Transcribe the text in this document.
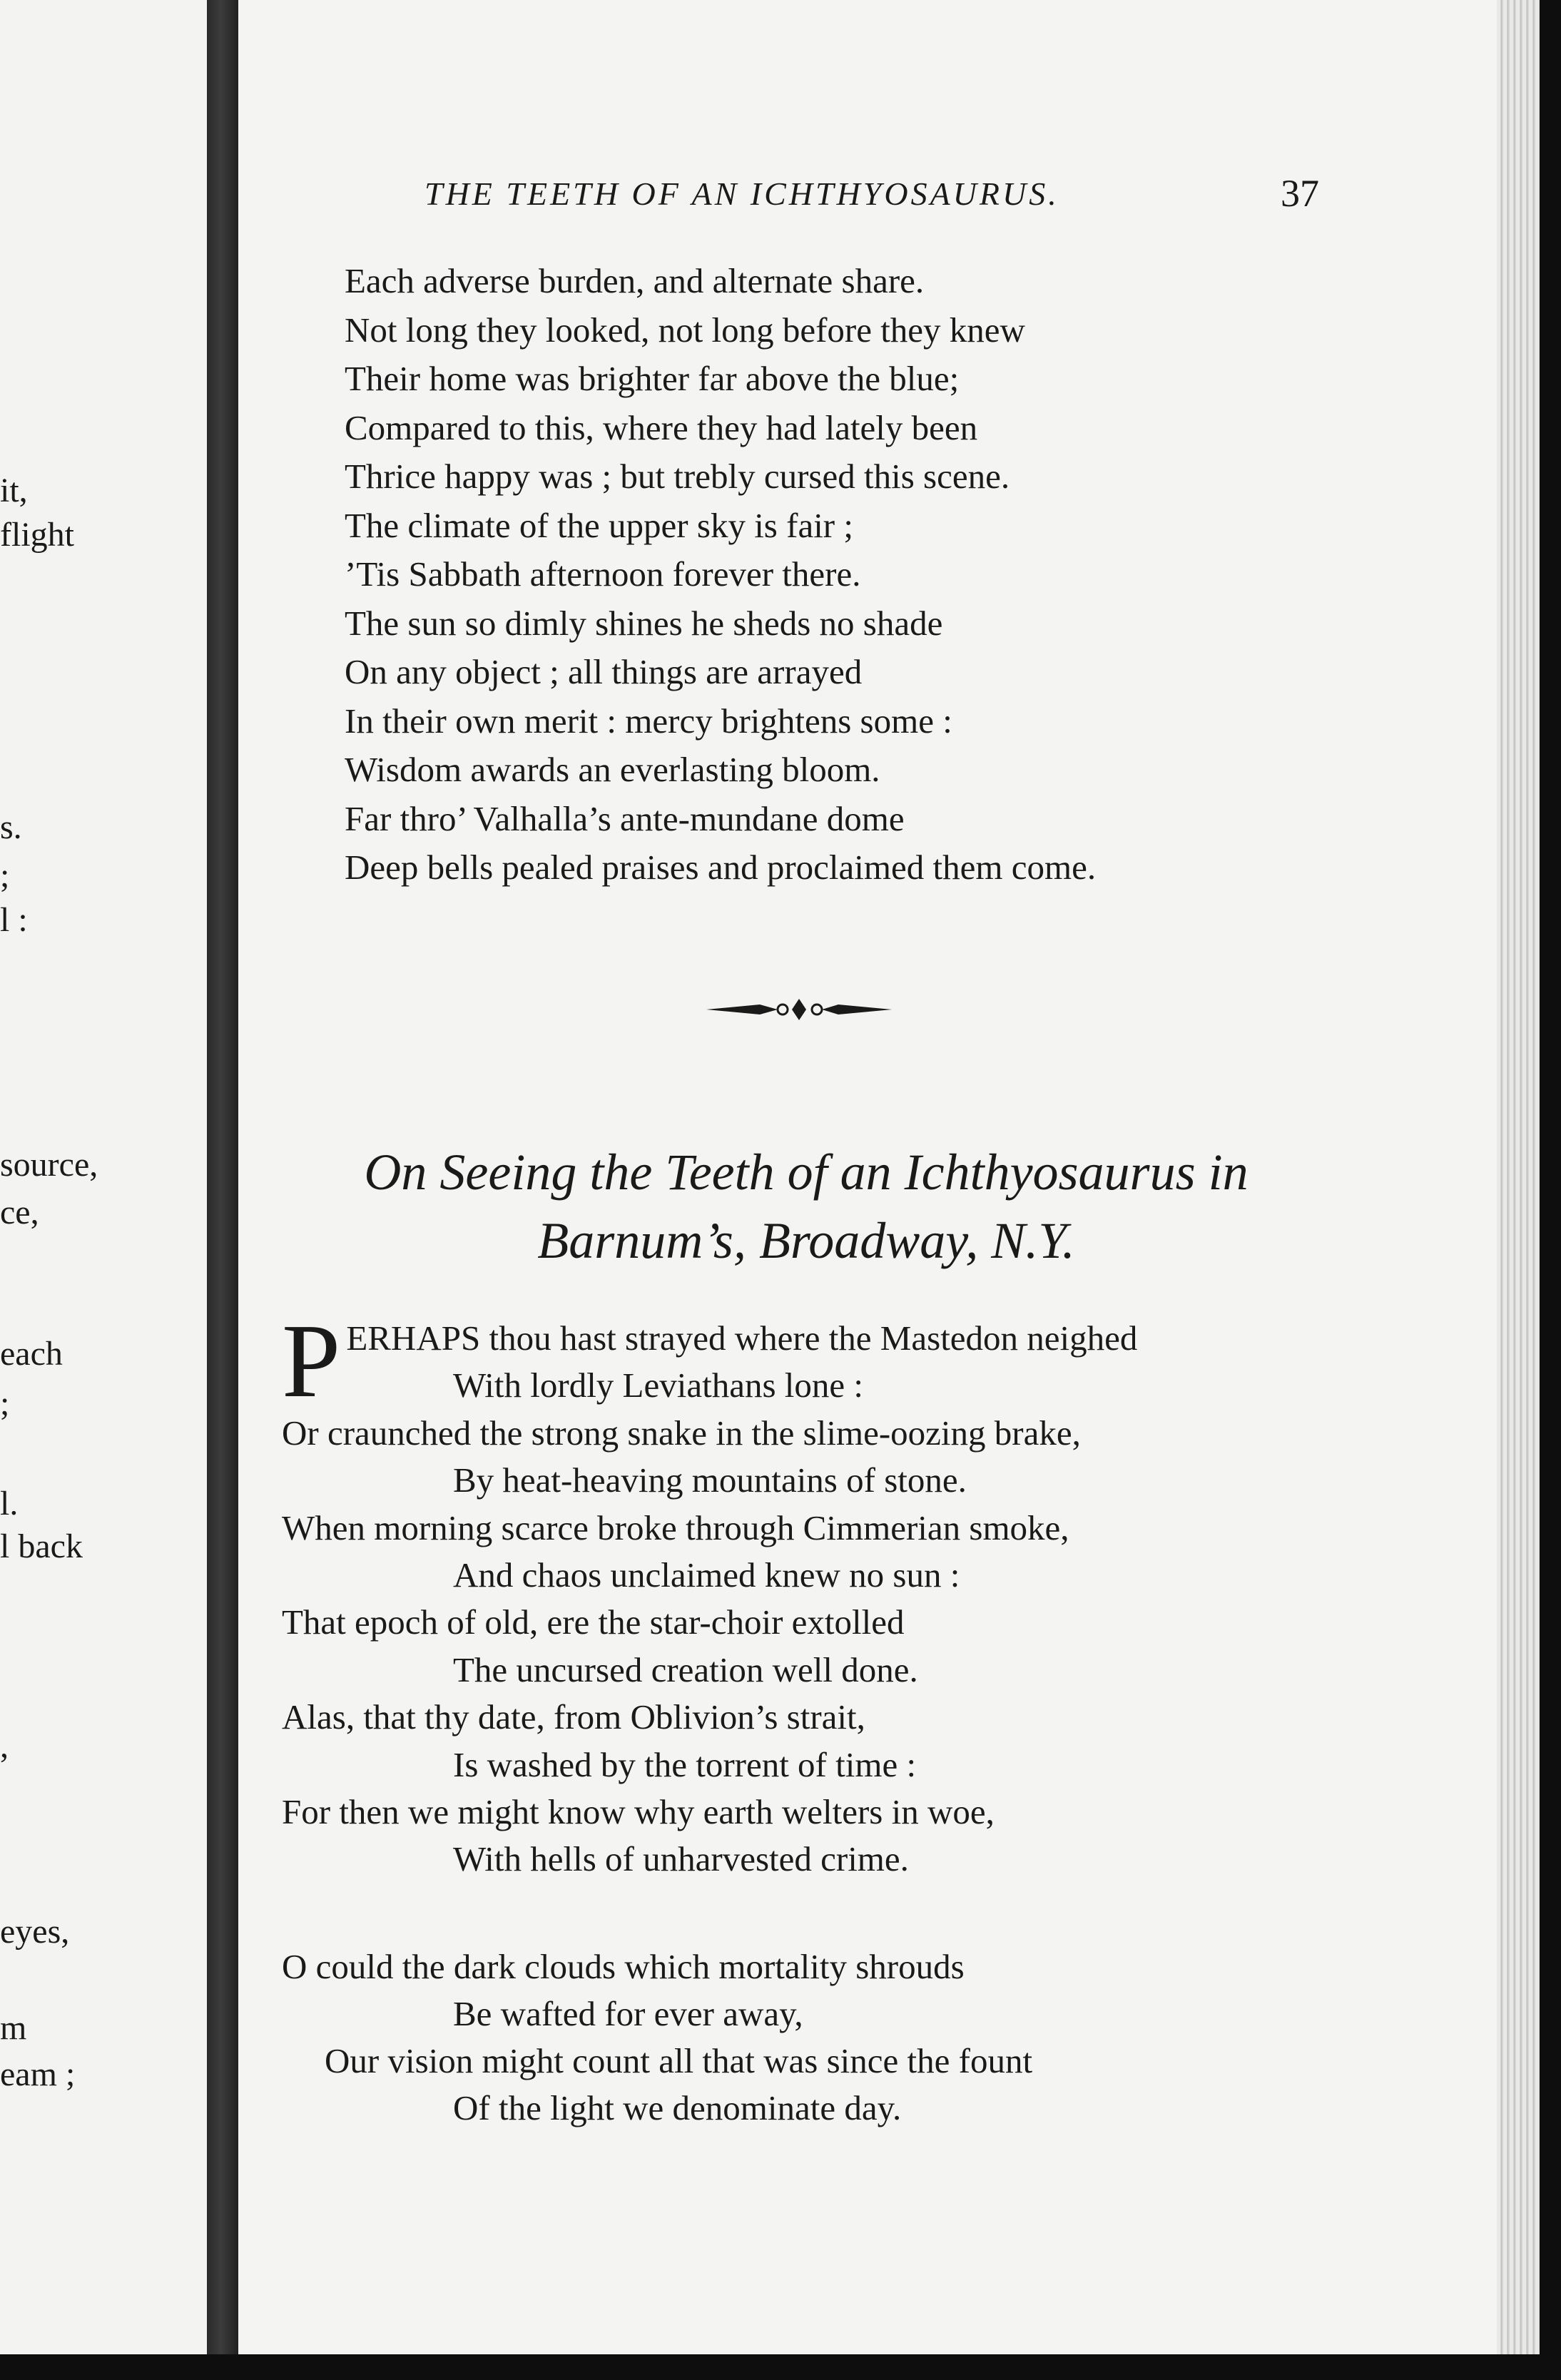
it,
flight
s.
;
l :
source,
ce,
each
;
l.
l back
,
eyes,
m
eam ;
THE TEETH OF AN ICHTHYOSAURUS.	37
Each adverse burden, and alternate share.
Not long they looked, not long before they knew
Their home was brighter far above the blue;
Compared to this, where they had lately been
Thrice happy was ; but trebly cursed this scene.
The climate of the upper sky is fair ;
’Tis Sabbath afternoon forever there.
The sun so dimly shines he sheds no shade
On any object ; all things are arrayed
In their own merit : mercy brightens some :
Wisdom awards an everlasting bloom.
Far thro’ Valhalla’s ante-mundane dome
Deep bells pealed praises and proclaimed them come.
On Seeing the Teeth of an Ichthyosaurus in
Barnum’s, Broadway, N.Y.
PERHAPS thou hast strayed where the Mastedon neighed
With lordly Leviathans lone :
Or craunched the strong snake in the slime-oozing brake,
By heat-heaving mountains of stone.
When morning scarce broke through Cimmerian smoke,
And chaos unclaimed knew no sun :
That epoch of old, ere the star-choir extolled
The uncursed creation well done.
Alas, that thy date, from Oblivion’s strait,
Is washed by the torrent of time :
For then we might know why earth welters in woe,
With hells of unharvested crime.
O could the dark clouds which mortality shrouds
Be wafted for ever away,
Our vision might count all that was since the fount
Of the light we denominate day.
